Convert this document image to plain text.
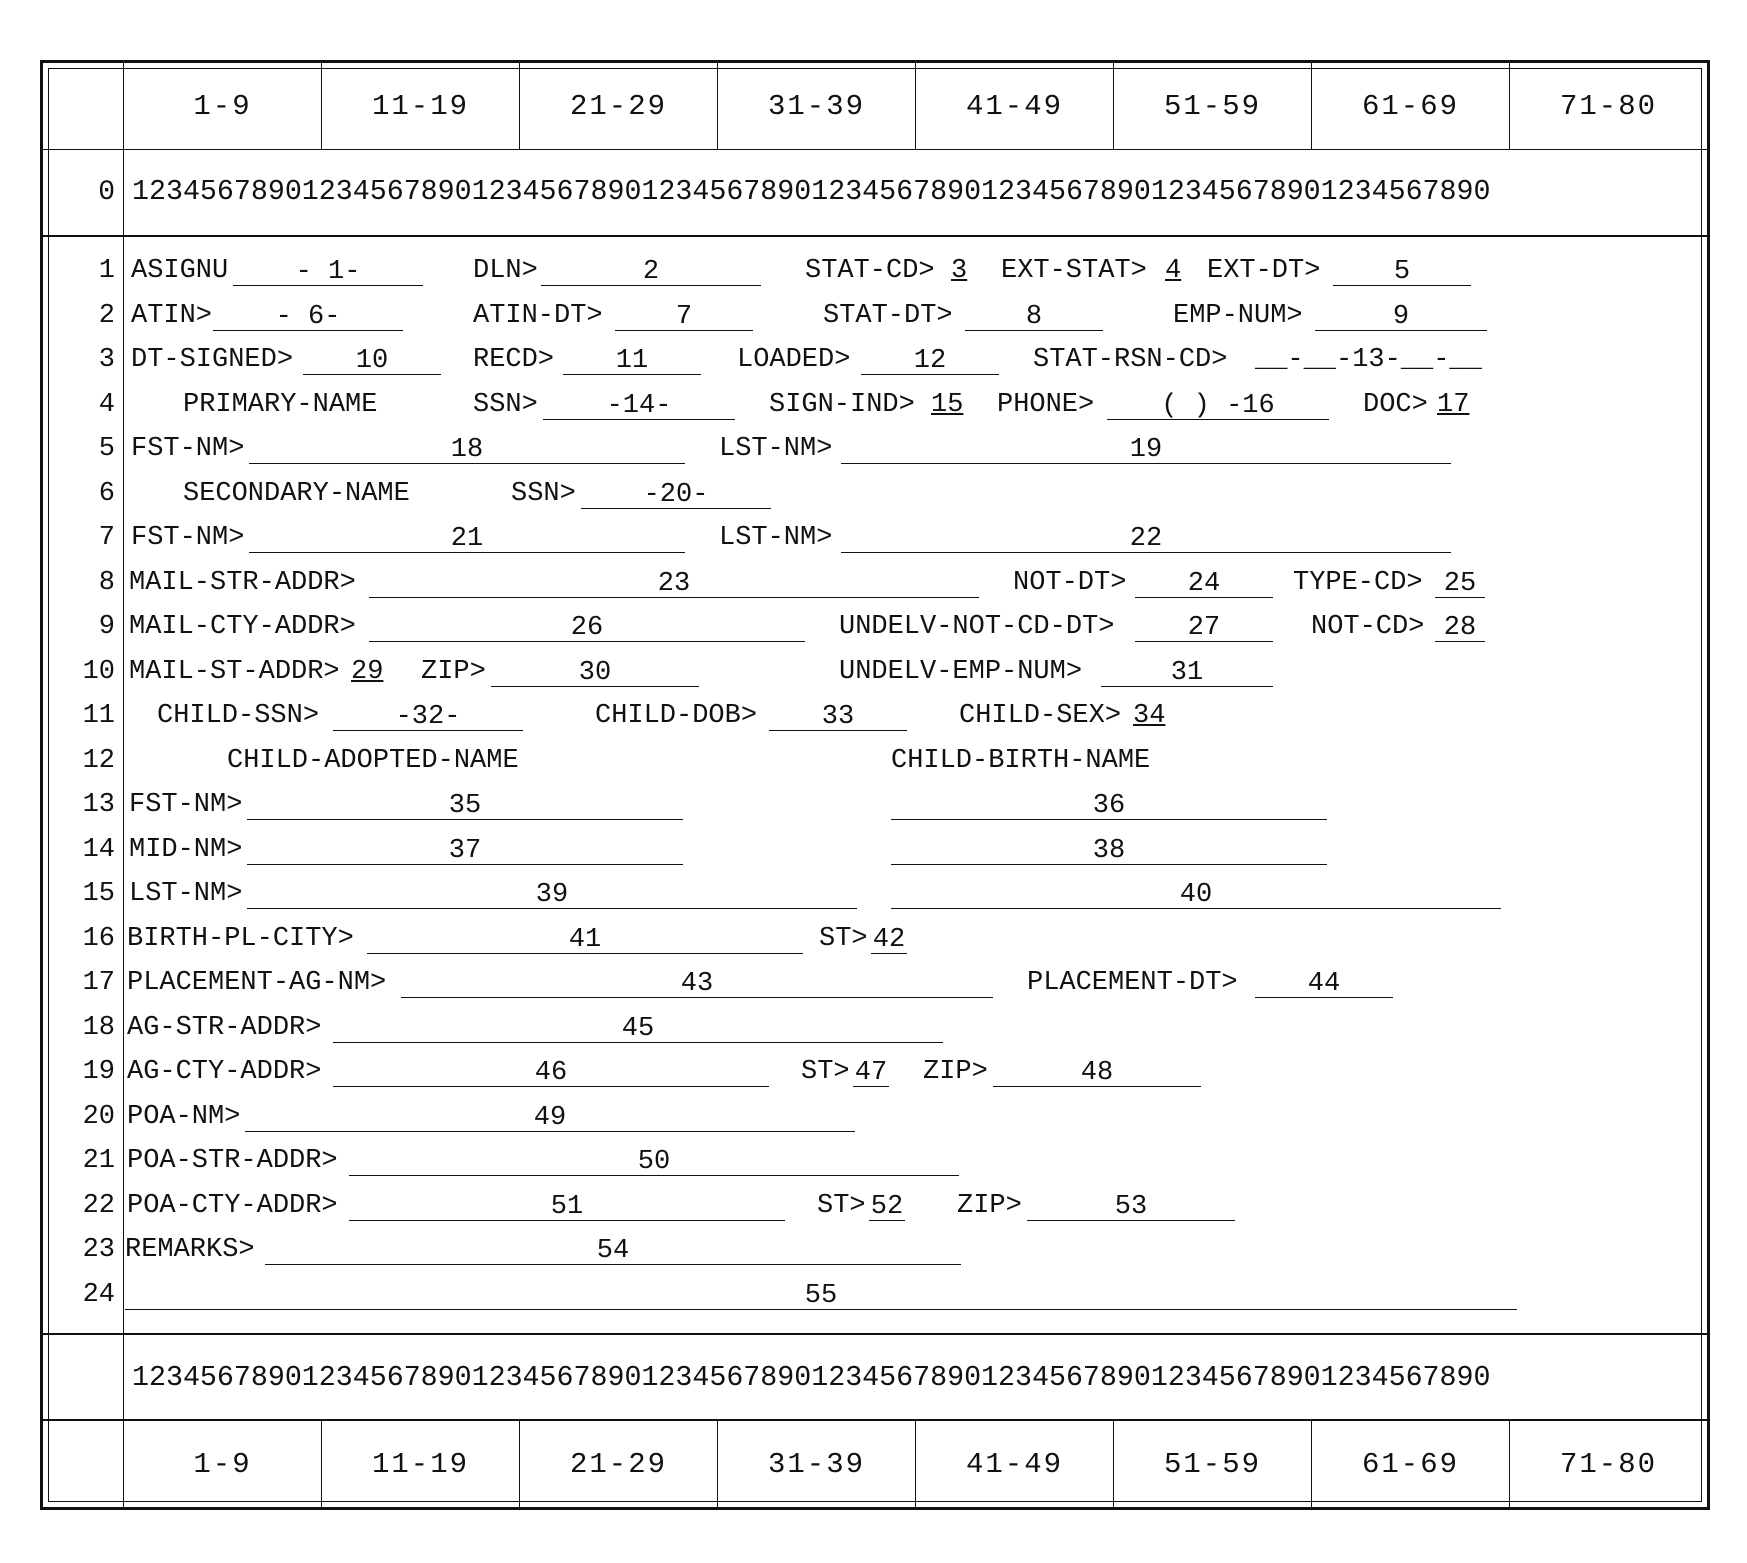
1-9	11-19	21-29	31-39	41-49	51-59	61-69	71-80
0 12345678901234567890123456789012345678901234567890123456789012345678901234567890
1 ASIGNU	- 1-	DLN>	2	STAT-CD> 3 EXT-STAT> 4 EXT-DT>	5
2 ATIN>	- 6-	ATIN-DT>	7	STAT-DT>	8	EMP-NUM>	9
3 DT-SIGNED>	10	RECD>	11	LOADED>	12	STAT-RSN-CD> __-__-13-__-__
4	PRIMARY-NAME	SSN>	-14-	SIGN-IND> 15 PHONE>	( ) -16	DOC> 17
5 FST-NM>	18	LST-NM>	19
6	SECONDARY-NAME	SSN>	-20-
7 FST-NM>	21	LST-NM>	22
8 MAIL-STR-ADDR>	23	NOT-DT>	24	TYPE-CD> 25
9 MAIL-CTY-ADDR>	26	UNDELV-NOT-CD-DT>	27	NOT-CD> 28
10 MAIL-ST-ADDR> 29 ZIP>	30	UNDELV-EMP-NUM>	31
11 CHILD-SSN>	-32-	CHILD-DOB>	33	CHILD-SEX> 34
12	CHILD-ADOPTED-NAME	CHILD-BIRTH-NAME
13 FST-NM>	35	36
14 MID-NM>	37	38
15 LST-NM>	39	40
16 BIRTH-PL-CITY>	41	ST> 42
17 PLACEMENT-AG-NM>	43	PLACEMENT-DT>	44
18 AG-STR-ADDR>	45
19 AG-CTY-ADDR>	46	ST> 47 ZIP>	48
20 POA-NM>	49
21 POA-STR-ADDR>	50
22 POA-CTY-ADDR>	51	ST> 52 ZIP>	53
23 REMARKS>	54
24	55
12345678901234567890123456789012345678901234567890123456789012345678901234567890
1-9	11-19	21-29	31-39	41-49	51-59	61-69	71-80
